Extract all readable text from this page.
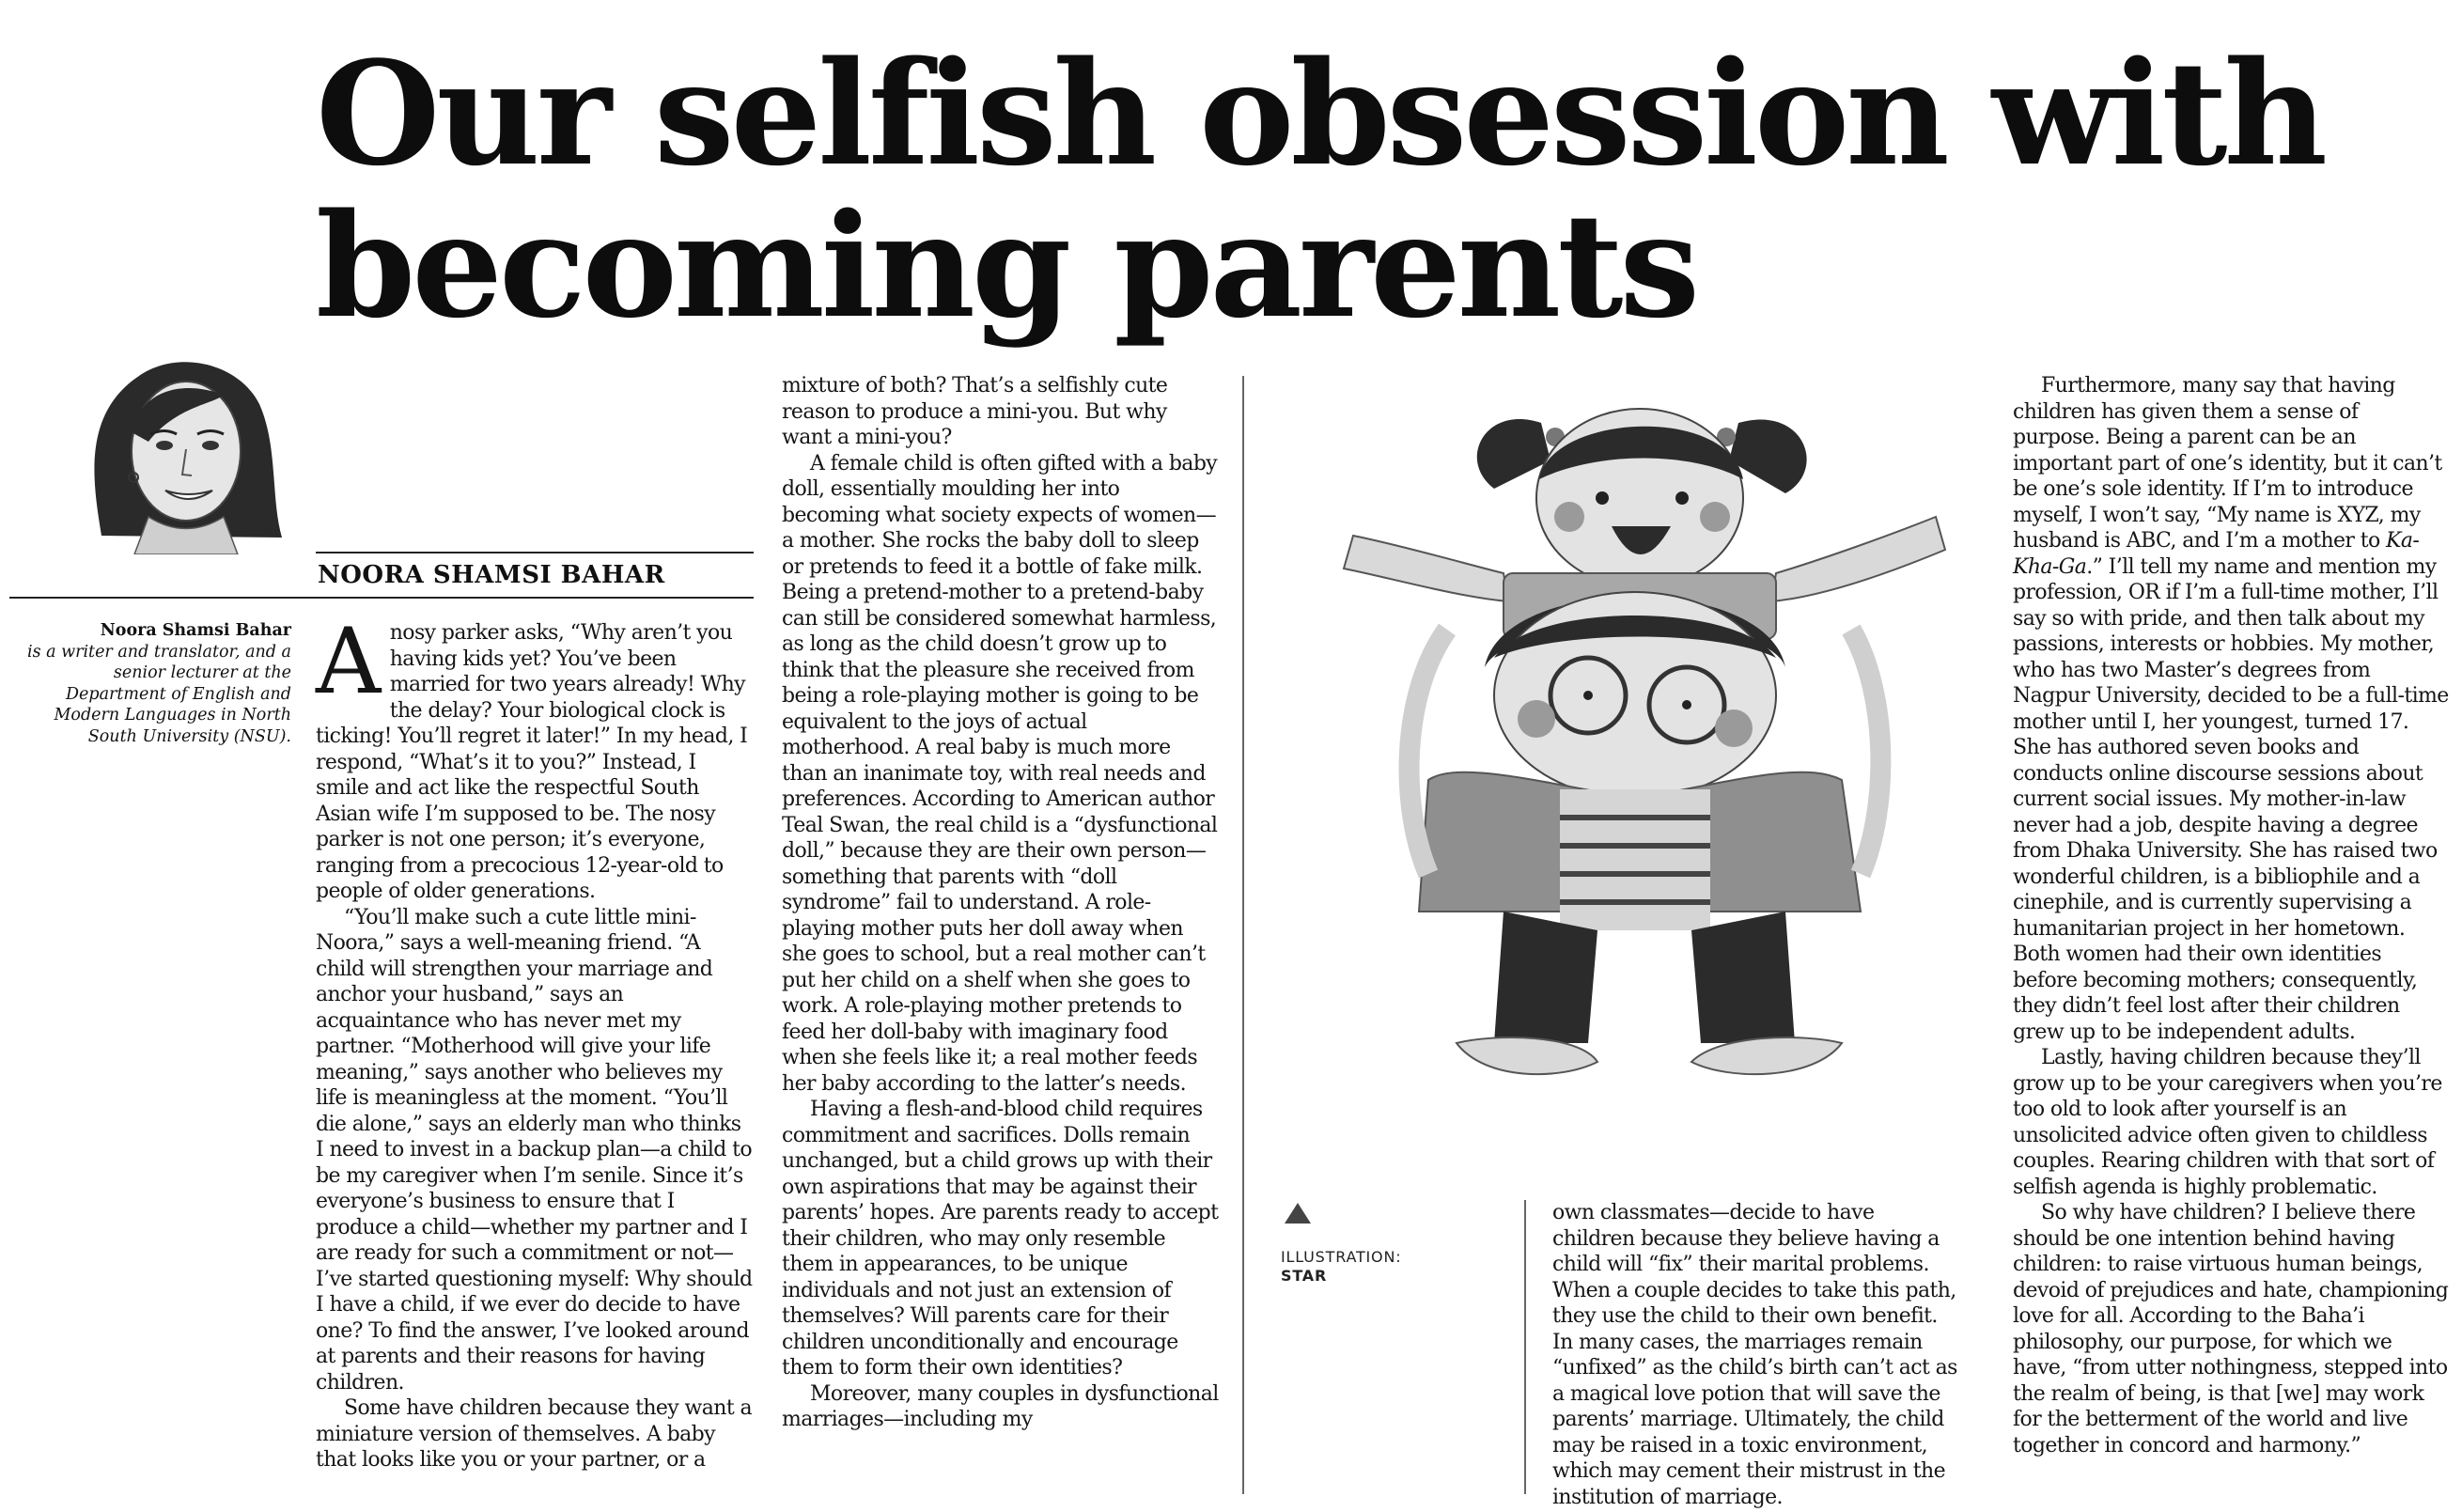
Our selfish obsession with becoming parents

NOORA SHAMSI BAHAR

Noora Shamsi Bahar
is a writer and translator, and a senior lecturer at the Department of English and Modern Languages in North South University (NSU).

Anosy parker asks, “Why aren’t you having kids yet? You’ve been married for two years already! Why the delay? Your biological clock is ticking! You’ll regret it later!” In my head, I respond, “What’s it to you?” Instead, I smile and act like the respectful South Asian wife I’m supposed to be. The nosy parker is not one person; it’s everyone, ranging from a precocious 12-year-old to people of older generations.

“You’ll make such a cute little mini-Noora,” says a well-meaning friend. “A child will strengthen your marriage and anchor your husband,” says an acquaintance who has never met my partner. “Motherhood will give your life meaning,” says another who believes my life is meaningless at the moment. “You’ll die alone,” says an elderly man who thinks I need to invest in a backup plan—a child to be my caregiver when I’m senile. Since it’s everyone’s business to ensure that I produce a child—whether my partner and I are ready for such a commitment or not—I’ve started questioning myself: Why should I have a child, if we ever do decide to have one? To find the answer, I’ve looked around at parents and their reasons for having children.

Some have children because they want a miniature version of themselves. A baby that looks like you or your partner, or a

mixture of both? That’s a selfishly cute reason to produce a mini-you. But why want a mini-you?

A female child is often gifted with a baby doll, essentially moulding her into becoming what society expects of women—a mother. She rocks the baby doll to sleep or pretends to feed it a bottle of fake milk. Being a pretend-mother to a pretend-baby can still be considered somewhat harmless, as long as the child doesn’t grow up to think that the pleasure she received from being a role-playing mother is going to be equivalent to the joys of actual motherhood. A real baby is much more than an inanimate toy, with real needs and preferences. According to American author Teal Swan, the real child is a “dysfunctional doll,” because they are their own person—something that parents with “doll syndrome” fail to understand. A role-playing mother puts her doll away when she goes to school, but a real mother can’t put her child on a shelf when she goes to work. A role-playing mother pretends to feed her doll-baby with imaginary food when she feels like it; a real mother feeds her baby according to the latter’s needs.

Having a flesh-and-blood child requires commitment and sacrifices. Dolls remain unchanged, but a child grows up with their own aspirations that may be against their parents’ hopes. Are parents ready to accept their children, who may only resemble them in appearances, to be unique individuals and not just an extension of themselves? Will parents care for their children unconditionally and encourage them to form their own identities?

Moreover, many couples in dysfunctional marriages—including my

ILLUSTRATION:
STAR

own classmates—decide to have children because they believe having a child will “fix” their marital problems. When a couple decides to take this path, they use the child to their own benefit. In many cases, the marriages remain “unfixed” as the child’s birth can’t act as a magical love potion that will save the parents’ marriage. Ultimately, the child may be raised in a toxic environment, which may cement their mistrust in the institution of marriage.

Furthermore, many say that having children has given them a sense of purpose. Being a parent can be an important part of one’s identity, but it can’t be one’s sole identity. If I’m to introduce myself, I won’t say, “My name is XYZ, my husband is ABC, and I’m a mother to Ka-Kha-Ga.” I’ll tell my name and mention my profession, OR if I’m a full-time mother, I’ll say so with pride, and then talk about my passions, interests or hobbies. My mother, who has two Master’s degrees from Nagpur University, decided to be a full-time mother until I, her youngest, turned 17. She has authored seven books and conducts online discourse sessions about current social issues. My mother-in-law never had a job, despite having a degree from Dhaka University. She has raised two wonderful children, is a bibliophile and a cinephile, and is currently supervising a humanitarian project in her hometown. Both women had their own identities before becoming mothers; consequently, they didn’t feel lost after their children grew up to be independent adults.

Lastly, having children because they’ll grow up to be your caregivers when you’re too old to look after yourself is an unsolicited advice often given to childless couples. Rearing children with that sort of selfish agenda is highly problematic.

So why have children? I believe there should be one intention behind having children: to raise virtuous human beings, devoid of prejudices and hate, championing love for all. According to the Baha’i philosophy, our purpose, for which we have, “from utter nothingness, stepped into the realm of being, is that [we] may work for the betterment of the world and live together in concord and harmony.”
